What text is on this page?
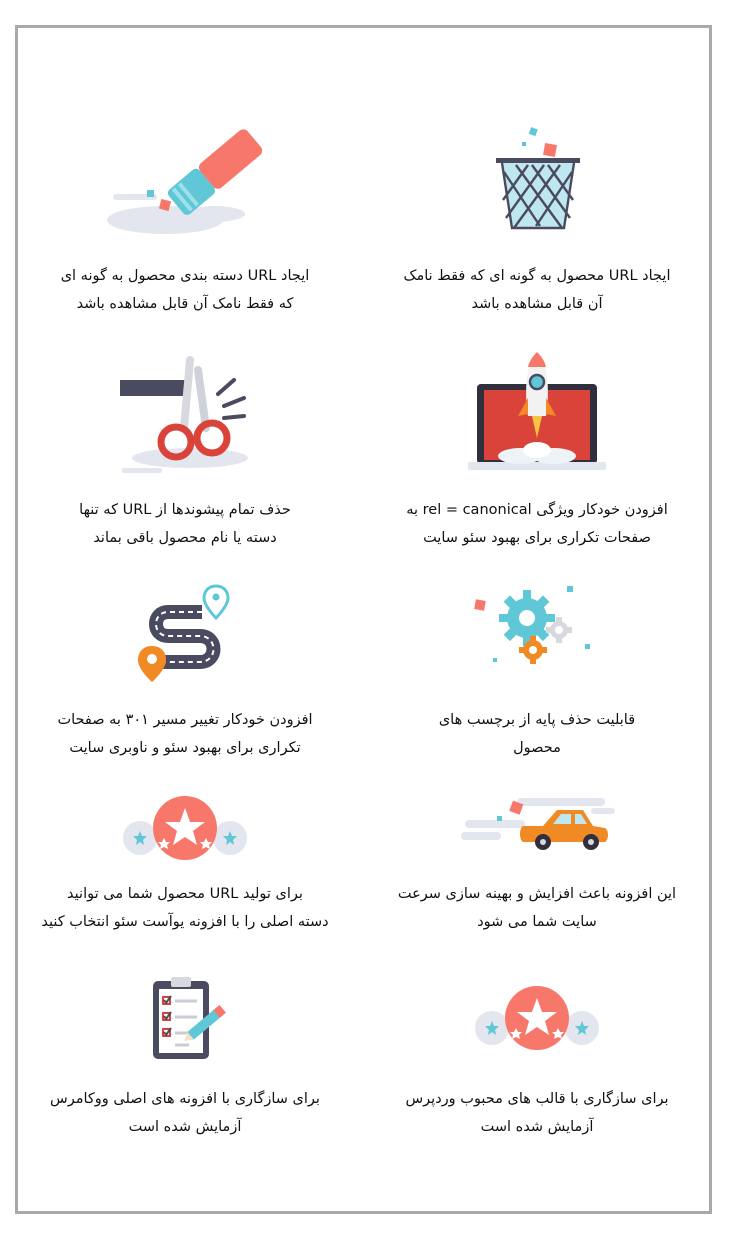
ایجاد URL محصول به گونه ای که فقط نامک
آن قابل مشاهده باشد
ایجاد URL دسته بندی محصول به گونه ای
که فقط نامک آن قابل مشاهده باشد
افزودن خودکار ویژگی rel = canonical به
صفحات تکراری برای بهبود سئو سایت
حذف تمام پیشوندها از URL که تنها
دسته یا نام محصول باقی بماند
قابلیت حذف پایه از برچسب های
محصول
افزودن خودکار تغییر مسیر ۳۰۱ به صفحات
تکراری برای بهبود سئو و ناوبری سایت
این افزونه باعث افزایش و بهینه سازی سرعت
سایت شما می شود
برای تولید URL محصول شما می توانید
دسته اصلی را با افزونه یوآست سئو انتخاب کنید
برای سازگاری با قالب های محبوب وردپرس
آزمایش شده است
برای سازگاری با افزونه های اصلی ووکامرس
آزمایش شده است
